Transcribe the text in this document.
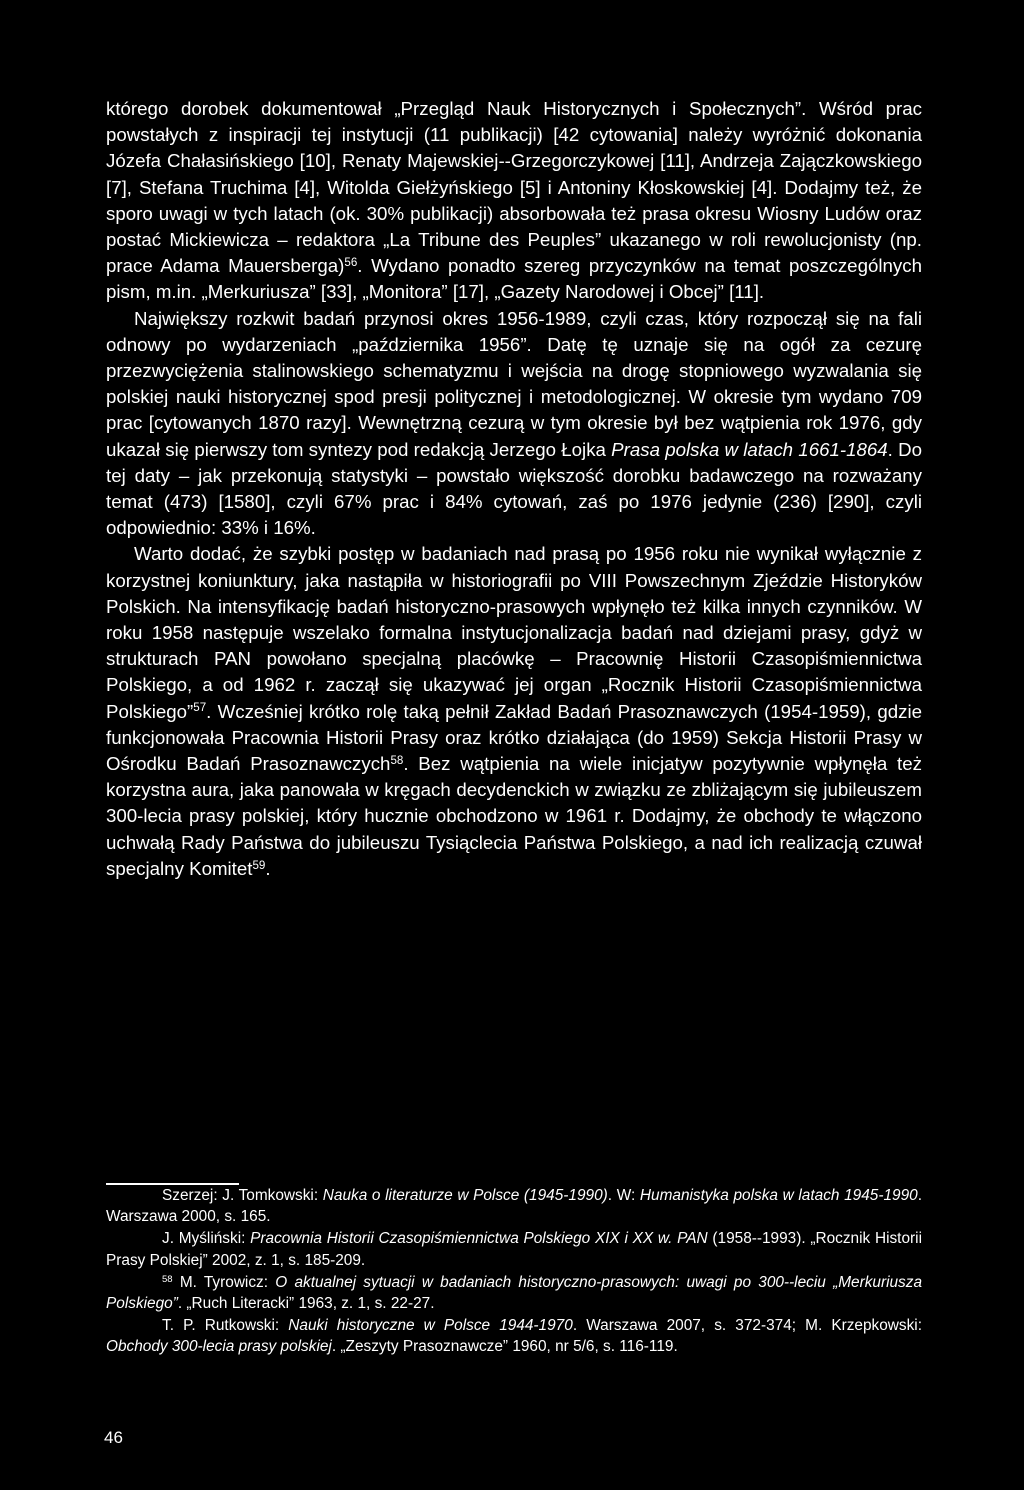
którego dorobek dokumentował „Przegląd Nauk Historycznych i Społecznych”. Wśród prac powstałych z inspiracji tej instytucji (11 publikacji) [42 cytowania] należy wyróżnić dokonania Józefa Chałasińskiego [10], Renaty Majewskiej--Grzegorczykowej [11], Andrzeja Zajączkowskiego [7], Stefana Truchima [4], Witolda Giełżyńskiego [5] i Antoniny Kłoskowskiej [4]. Dodajmy też, że sporo uwagi w tych latach (ok. 30% publikacji) absorbowała też prasa okresu Wiosny Ludów oraz postać Mickiewicza – redaktora „La Tribune des Peuples” ukazanego w roli rewolucjonisty (np. prace Adama Mauersberga)$^{56}$. Wydano ponadto szereg przyczynków na temat poszczególnych pism, m.in. „Merkuriusza” [33], „Monitora” [17], „Gazety Narodowej i Obcej” [11].

Największy rozkwit badań przynosi okres 1956-1989, czyli czas, który rozpoczął się na fali odnowy po wydarzeniach „października 1956”. Datę tę uznaje się na ogół za cezurę przezwyciężenia stalinowskiego schematyzmu i wejścia na drogę stopniowego wyzwalania się polskiej nauki historycznej spod presji politycznej i metodologicznej. W okresie tym wydano 709 prac [cytowanych 1870 razy]. Wewnętrzną cezurą w tym okresie był bez wątpienia rok 1976, gdy ukazał się pierwszy tom syntezy pod redakcją Jerzego Łojka Prasa polska w latach 1661-1864. Do tej daty – jak przekonują statystyki – powstało większość dorobku badawczego na rozważany temat (473) [1580], czyli 67% prac i 84% cytowań, zaś po 1976 jedynie (236) [290], czyli odpowiednio: 33% i 16%.

Warto dodać, że szybki postęp w badaniach nad prasą po 1956 roku nie wynikał wyłącznie z korzystnej koniunktury, jaka nastąpiła w historiografii po VIII Powszechnym Zjeździe Historyków Polskich. Na intensyfikację badań historyczno-prasowych wpłynęło też kilka innych czynników. W roku 1958 następuje wszelako formalna instytucjonalizacja badań nad dziejami prasy, gdyż w strukturach PAN powołano specjalną placówkę – Pracownię Historii Czasopiśmiennictwa Polskiego, a od 1962 r. zaczął się ukazywać jej organ „Rocznik Historii Czasopiśmiennictwa Polskiego”$^{57}$. Wcześniej krótko rolę taką pełnił Zakład Badań Prasoznawczych (1954-1959), gdzie funkcjonowała Pracownia Historii Prasy oraz krótko działająca (do 1959) Sekcja Historii Prasy w Ośrodku Badań Prasoznawczych$^{58}$. Bez wątpienia na wiele inicjatyw pozytywnie wpłynęła też korzystna aura, jaka panowała w kręgach decydenckich w związku ze zbliżającym się jubileuszem 300-lecia prasy polskiej, który hucznie obchodzono w 1961 r. Dodajmy, że obchody te włączono uchwałą Rady Państwa do jubileuszu Tysiąclecia Państwa Polskiego, a nad ich realizacją czuwał specjalny Komitet$^{59}$.

Szerzej: J. Tomkowski: Nauka o literaturze w Polsce (1945-1990). W: Humanistyka polska w latach 1945-1990. Warszawa 2000, s. 165.

J. Myśliński: Pracownia Historii Czasopiśmiennictwa Polskiego XIX i XX w. PAN (1958--1993). „Rocznik Historii Prasy Polskiej” 2002, z. 1, s. 185-209.

$^{58}$ M. Tyrowicz: O aktualnej sytuacji w badaniach historyczno-prasowych: uwagi po 300--leciu „Merkuriusza Polskiego”. „Ruch Literacki” 1963, z. 1, s. 22-27.

T. P. Rutkowski: Nauki historyczne w Polsce 1944-1970. Warszawa 2007, s. 372-374; M. Krzepkowski: Obchody 300-lecia prasy polskiej. „Zeszyty Prasoznawcze” 1960, nr 5/6, s. 116-119.

46
